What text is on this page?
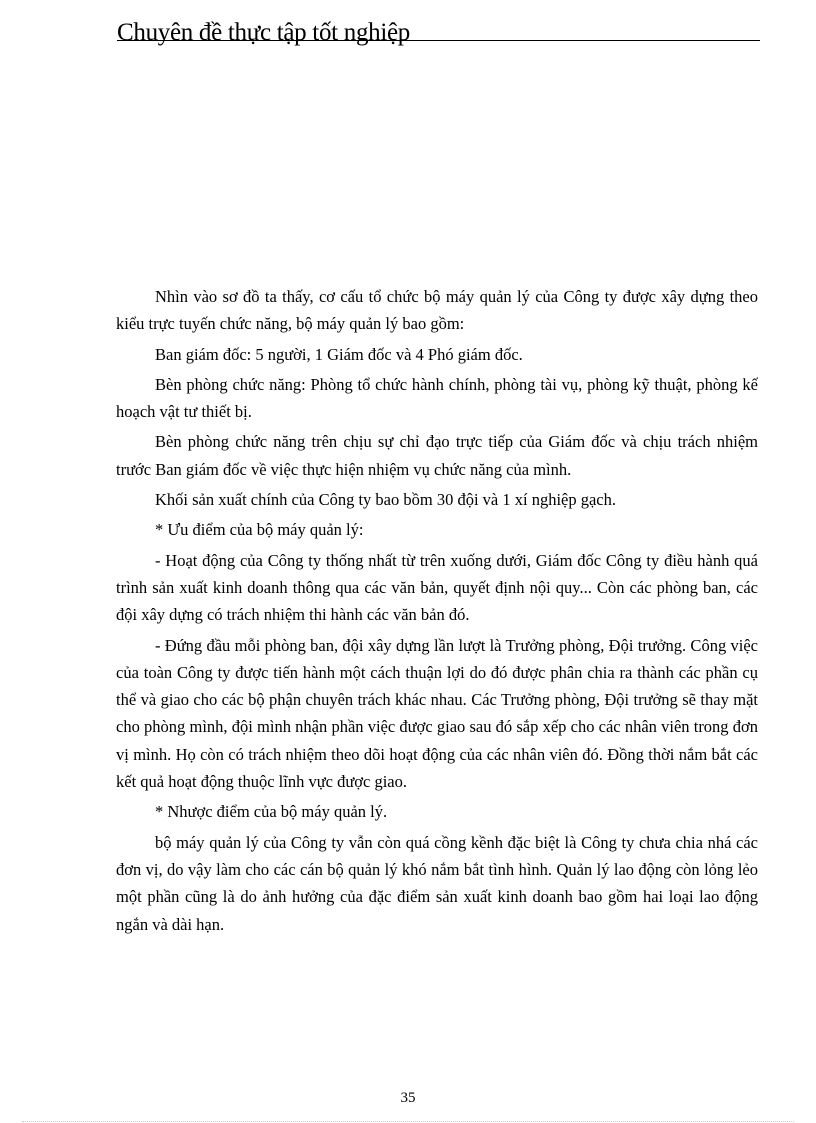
Chuyên đề thực tập tốt nghiệp

Nhìn vào sơ đồ ta thấy, cơ cấu tổ chức bộ máy quản lý của Công ty được xây dựng theo kiểu trực tuyến chức năng, bộ máy quản lý bao gồm:

Ban giám đốc: 5 người, 1 Giám đốc và 4 Phó giám đốc.

Bèn phòng chức năng: Phòng tổ chức hành chính, phòng tài vụ, phòng kỹ thuật, phòng kế hoạch vật tư thiết bị.

Bèn phòng chức năng trên chịu sự chỉ đạo trực tiếp của Giám đốc và chịu trách nhiệm trước Ban giám đốc về việc thực hiện nhiệm vụ chức năng của mình.

Khối sản xuất chính của Công ty bao bồm 30 đội và 1 xí nghiệp gạch.

* Ưu điểm của bộ máy quản lý:

- Hoạt động của Công ty thống nhất từ trên xuống dưới, Giám đốc Công ty điều hành quá trình sản xuất kinh doanh thông qua các văn bản, quyết định nội quy... Còn các phòng ban, các đội xây dựng có trách nhiệm thi hành các văn bản đó.

- Đứng đầu mỗi phòng ban, đội xây dựng lần lượt là Trưởng phòng, Đội trưởng. Công việc của toàn Công ty được tiến hành một cách thuận lợi do đó được phân chia ra thành các phần cụ thể và giao cho các bộ phận chuyên trách khác nhau. Các Trưởng phòng, Đội trưởng sẽ thay mặt cho phòng mình, đội mình nhận phần việc được giao sau đó sắp xếp cho các nhân viên trong đơn vị mình. Họ còn có trách nhiệm theo dõi hoạt động của các nhân viên đó. Đồng thời nắm bắt các kết quả hoạt động thuộc lĩnh vực được giao.

* Nhược điểm của bộ máy quản lý.

bộ máy quản lý của Công ty vẫn còn quá cồng kềnh đặc biệt là Công ty chưa chia nhá các đơn vị, do vậy làm cho các cán bộ quản lý khó nắm bắt tình hình. Quản lý lao động còn lỏng lẻo một phần cũng là do ảnh hưởng của đặc điểm sản xuất kinh doanh bao gồm hai loại lao động ngắn và dài hạn.

35
